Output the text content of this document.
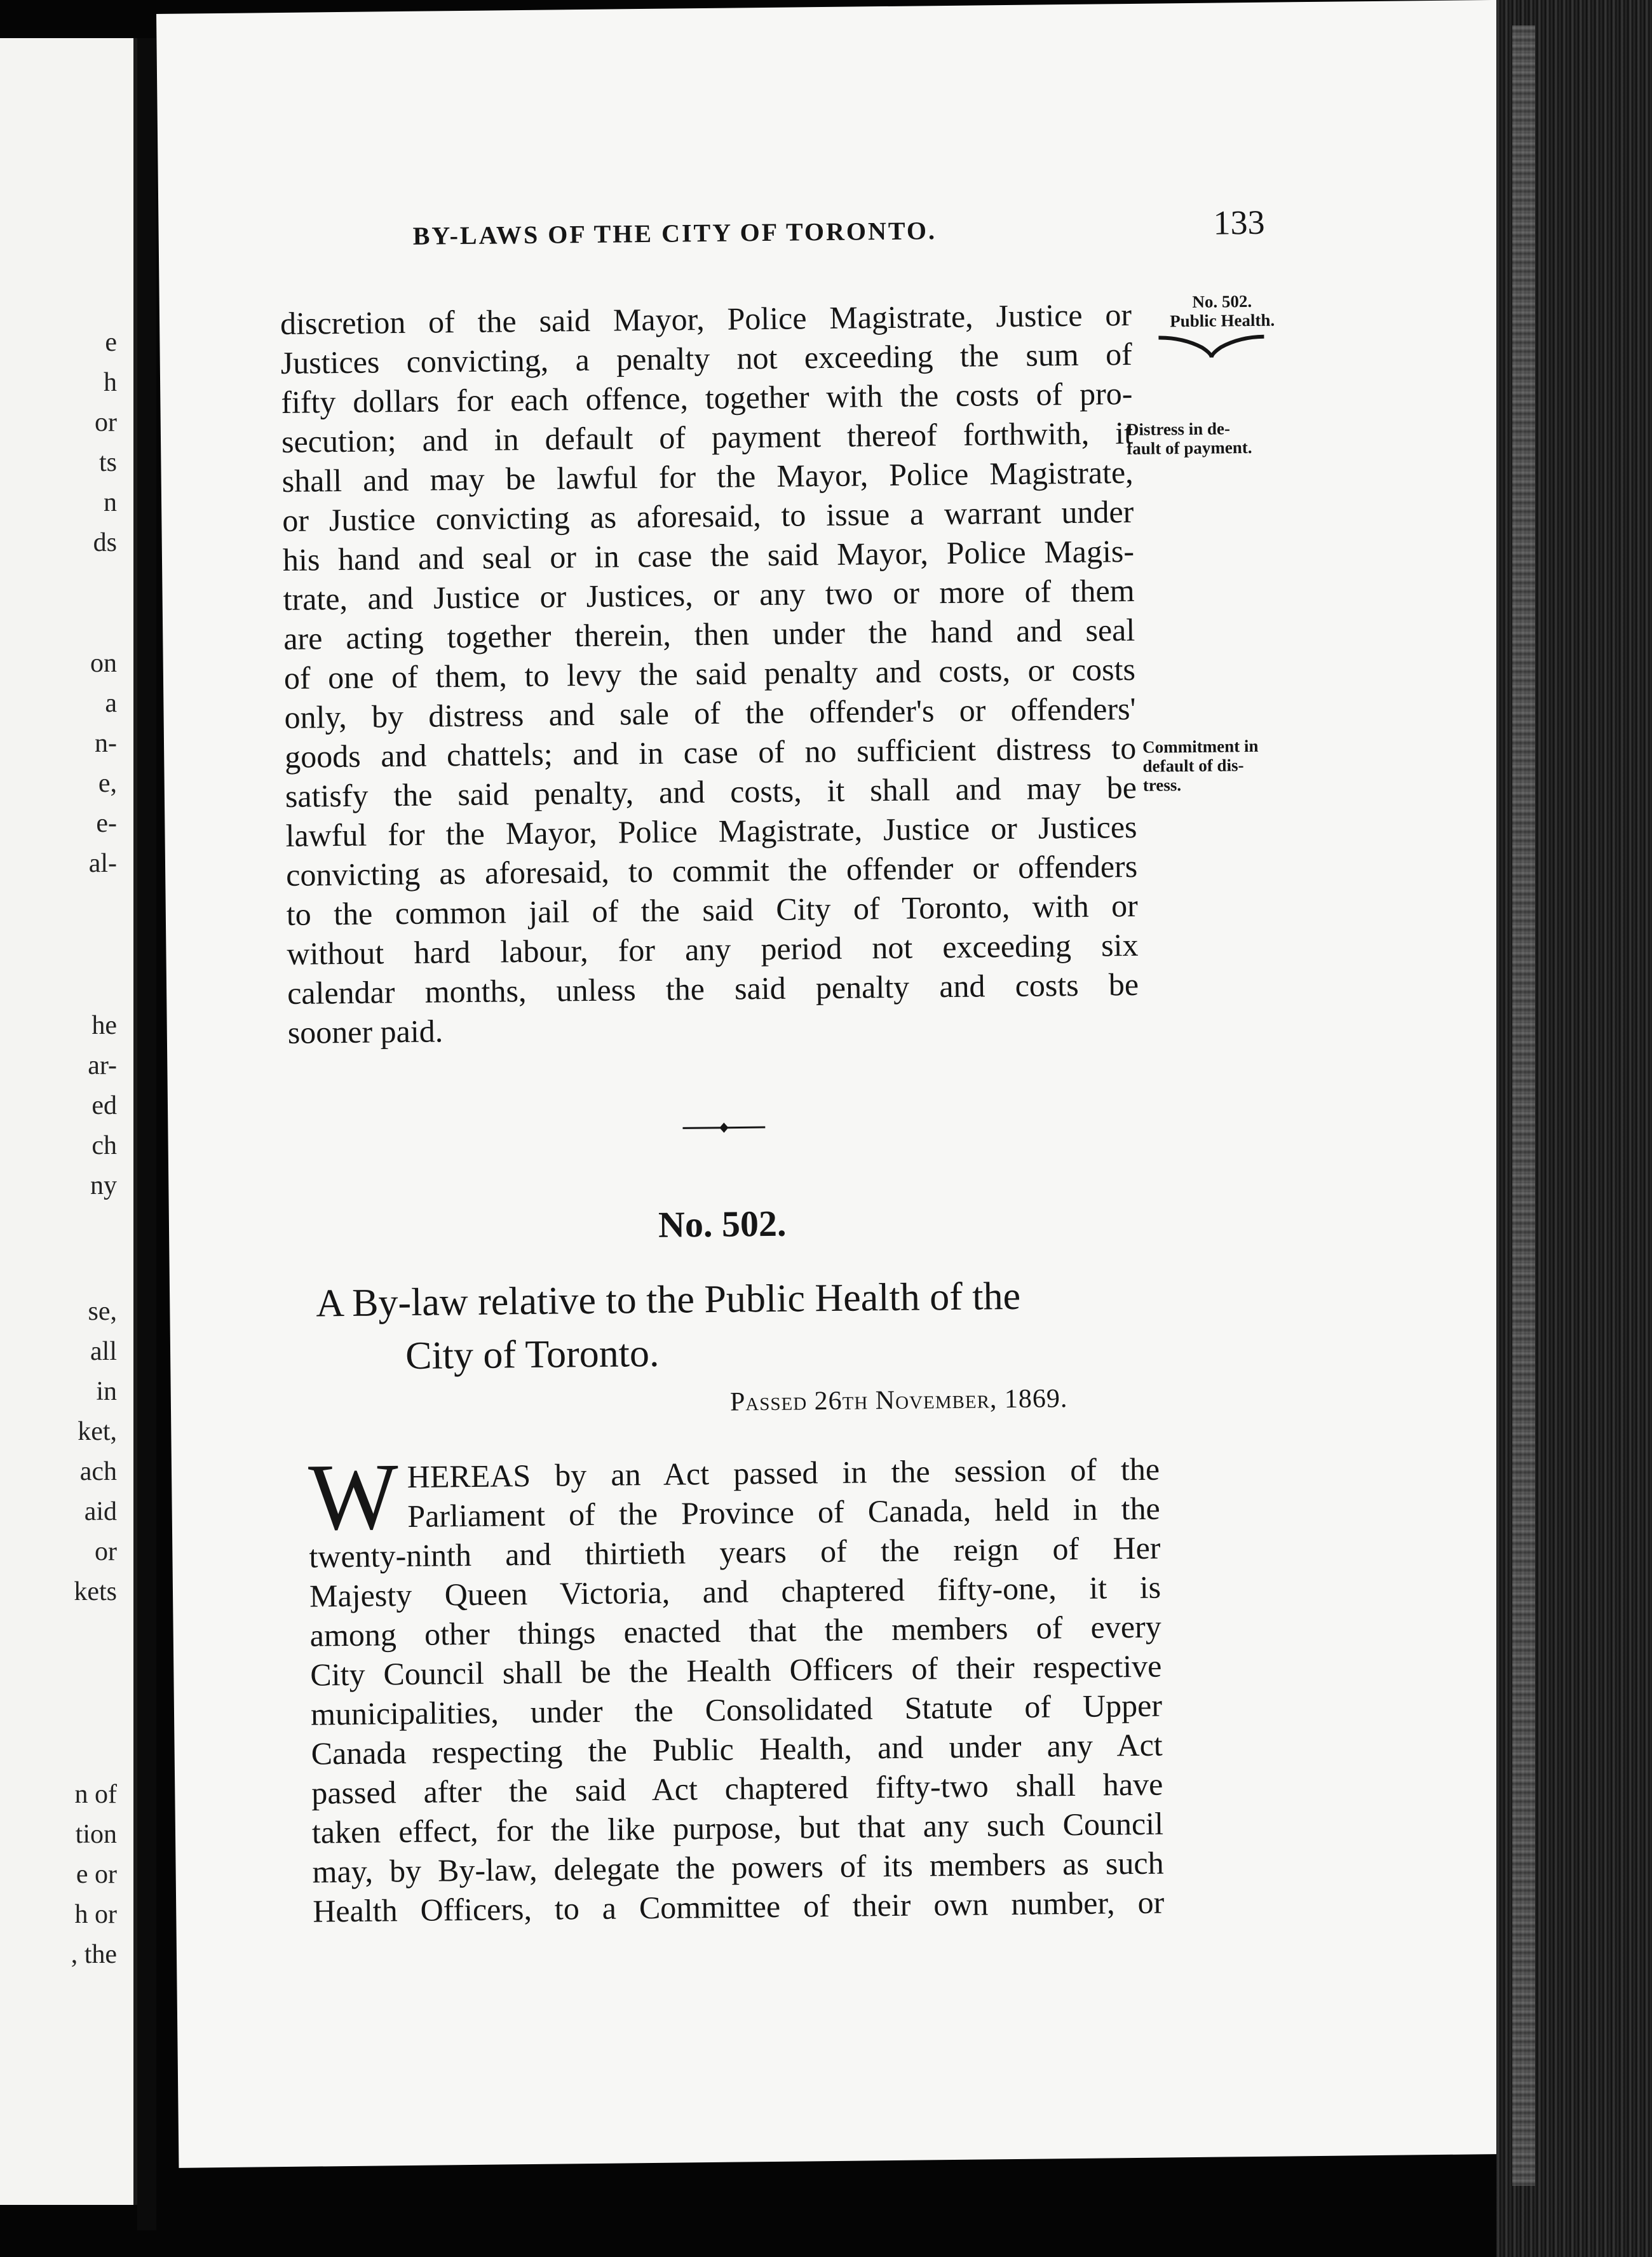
e
h
or
ts
n
ds
on
a
n-
e,
e-
al-
he
ar-
ed
ch
ny
se,
all
in
ket,
ach
aid
or
kets
n of
tion
e or
h or
, the
BY-LAWS OF THE CITY OF TORONTO.	133
No. 502.
Public Health.
Distress in de-
fault of payment.
Commitment in
default of dis-
tress.
discretion of the said Mayor, Police Magistrate, Justice or
Justices convicting, a penalty not exceeding the sum of
fifty dollars for each offence, together with the costs of pro-
secution; and in default of payment thereof forthwith, it
shall and may be lawful for the Mayor, Police Magistrate,
or Justice convicting as aforesaid, to issue a warrant under
his hand and seal or in case the said Mayor, Police Magis-
trate, and Justice or Justices, or any two or more of them
are acting together therein, then under the hand and seal
of one of them, to levy the said penalty and costs, or costs
only, by distress and sale of the offender's or offenders'
goods and chattels; and in case of no sufficient distress to
satisfy the said penalty, and costs, it shall and may be
lawful for the Mayor, Police Magistrate, Justice or Justices
convicting as aforesaid, to commit the offender or offenders
to the common jail of the said City of Toronto, with or
without hard labour, for any period not exceeding six
calendar months, unless the said penalty and costs be
sooner paid.
No. 502.
A By-law relative to the Public Health of the
City of Toronto.
Passed 26th November, 1869.
W HEREAS by an Act passed in the session of the
Parliament of the Province of Canada, held in the
twenty-ninth and thirtieth years of the reign of Her
Majesty Queen Victoria, and chaptered fifty-one, it is
among other things enacted that the members of every
City Council shall be the Health Officers of their respective
municipalities, under the Consolidated Statute of Upper
Canada respecting the Public Health, and under any Act
passed after the said Act chaptered fifty-two shall have
taken effect, for the like purpose, but that any such Council
may, by By-law, delegate the powers of its members as such
Health Officers, to a Committee of their own number, or
